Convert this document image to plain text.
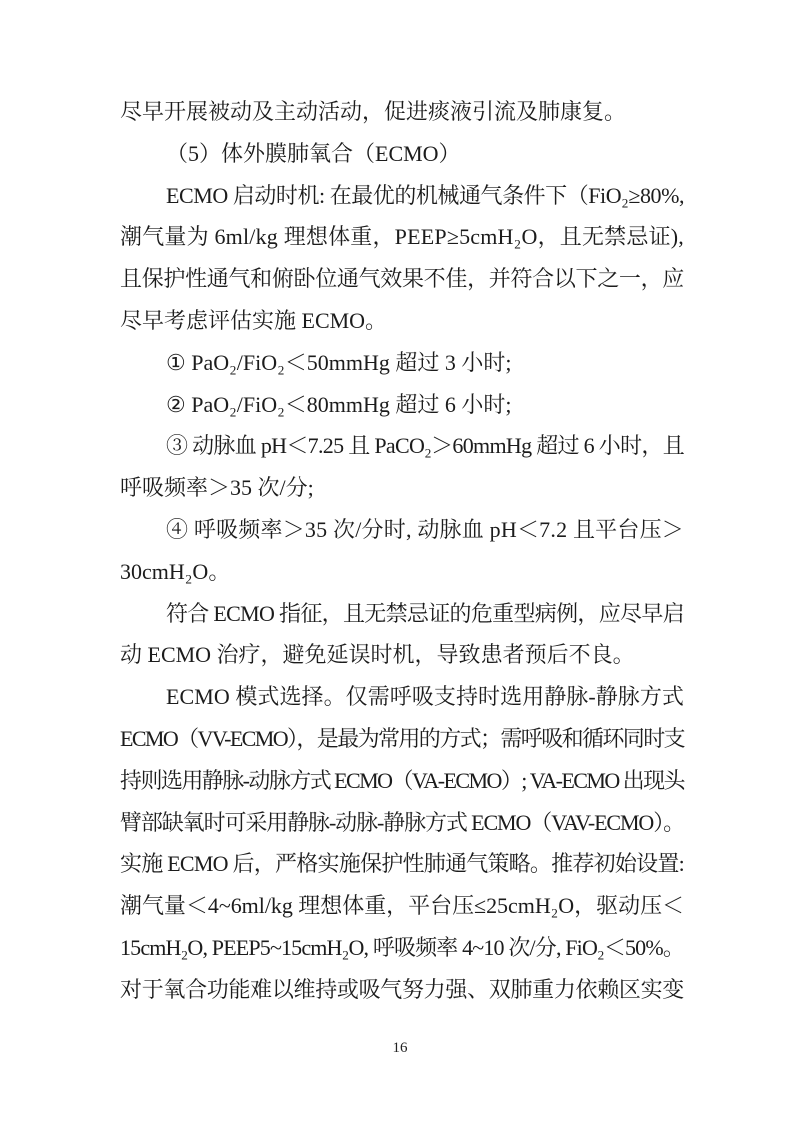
尽早开展被动及主动活动，促进痰液引流及肺康复。
（5）体外膜肺氧合（ECMO）
ECMO 启动时机: 在最优的机械通气条件下（FiO₂≥80%,
潮气量为 6ml/kg 理想体重，PEEP≥5cmH₂O，且无禁忌证),
且保护性通气和俯卧位通气效果不佳，并符合以下之一，应
尽早考虑评估实施 ECMO。
① PaO₂/FiO₂＜50mmHg 超过 3 小时;
② PaO₂/FiO₂＜80mmHg 超过 6 小时;
③ 动脉血 pH＜7.25 且 PaCO₂＞60mmHg 超过 6 小时，且
呼吸频率＞35 次/分;
④ 呼吸频率＞35 次/分时, 动脉血 pH＜7.2 且平台压＞
30cmH₂O。
符合 ECMO 指征，且无禁忌证的危重型病例，应尽早启
动 ECMO 治疗，避免延误时机，导致患者预后不良。
ECMO 模式选择。仅需呼吸支持时选用静脉-静脉方式
ECMO（VV-ECMO），是最为常用的方式；需呼吸和循环同时支
持则选用静脉-动脉方式 ECMO（VA-ECMO）; VA-ECMO 出现头
臂部缺氧时可采用静脉-动脉-静脉方式 ECMO（VAV-ECMO）。
实施 ECMO 后，严格实施保护性肺通气策略。推荐初始设置:
潮气量＜4~6ml/kg 理想体重，平台压≤25cmH₂O，驱动压＜
15cmH₂O, PEEP5~15cmH₂O, 呼吸频率 4~10 次/分, FiO₂＜50%。
对于氧合功能难以维持或吸气努力强、双肺重力依赖区实变
16
